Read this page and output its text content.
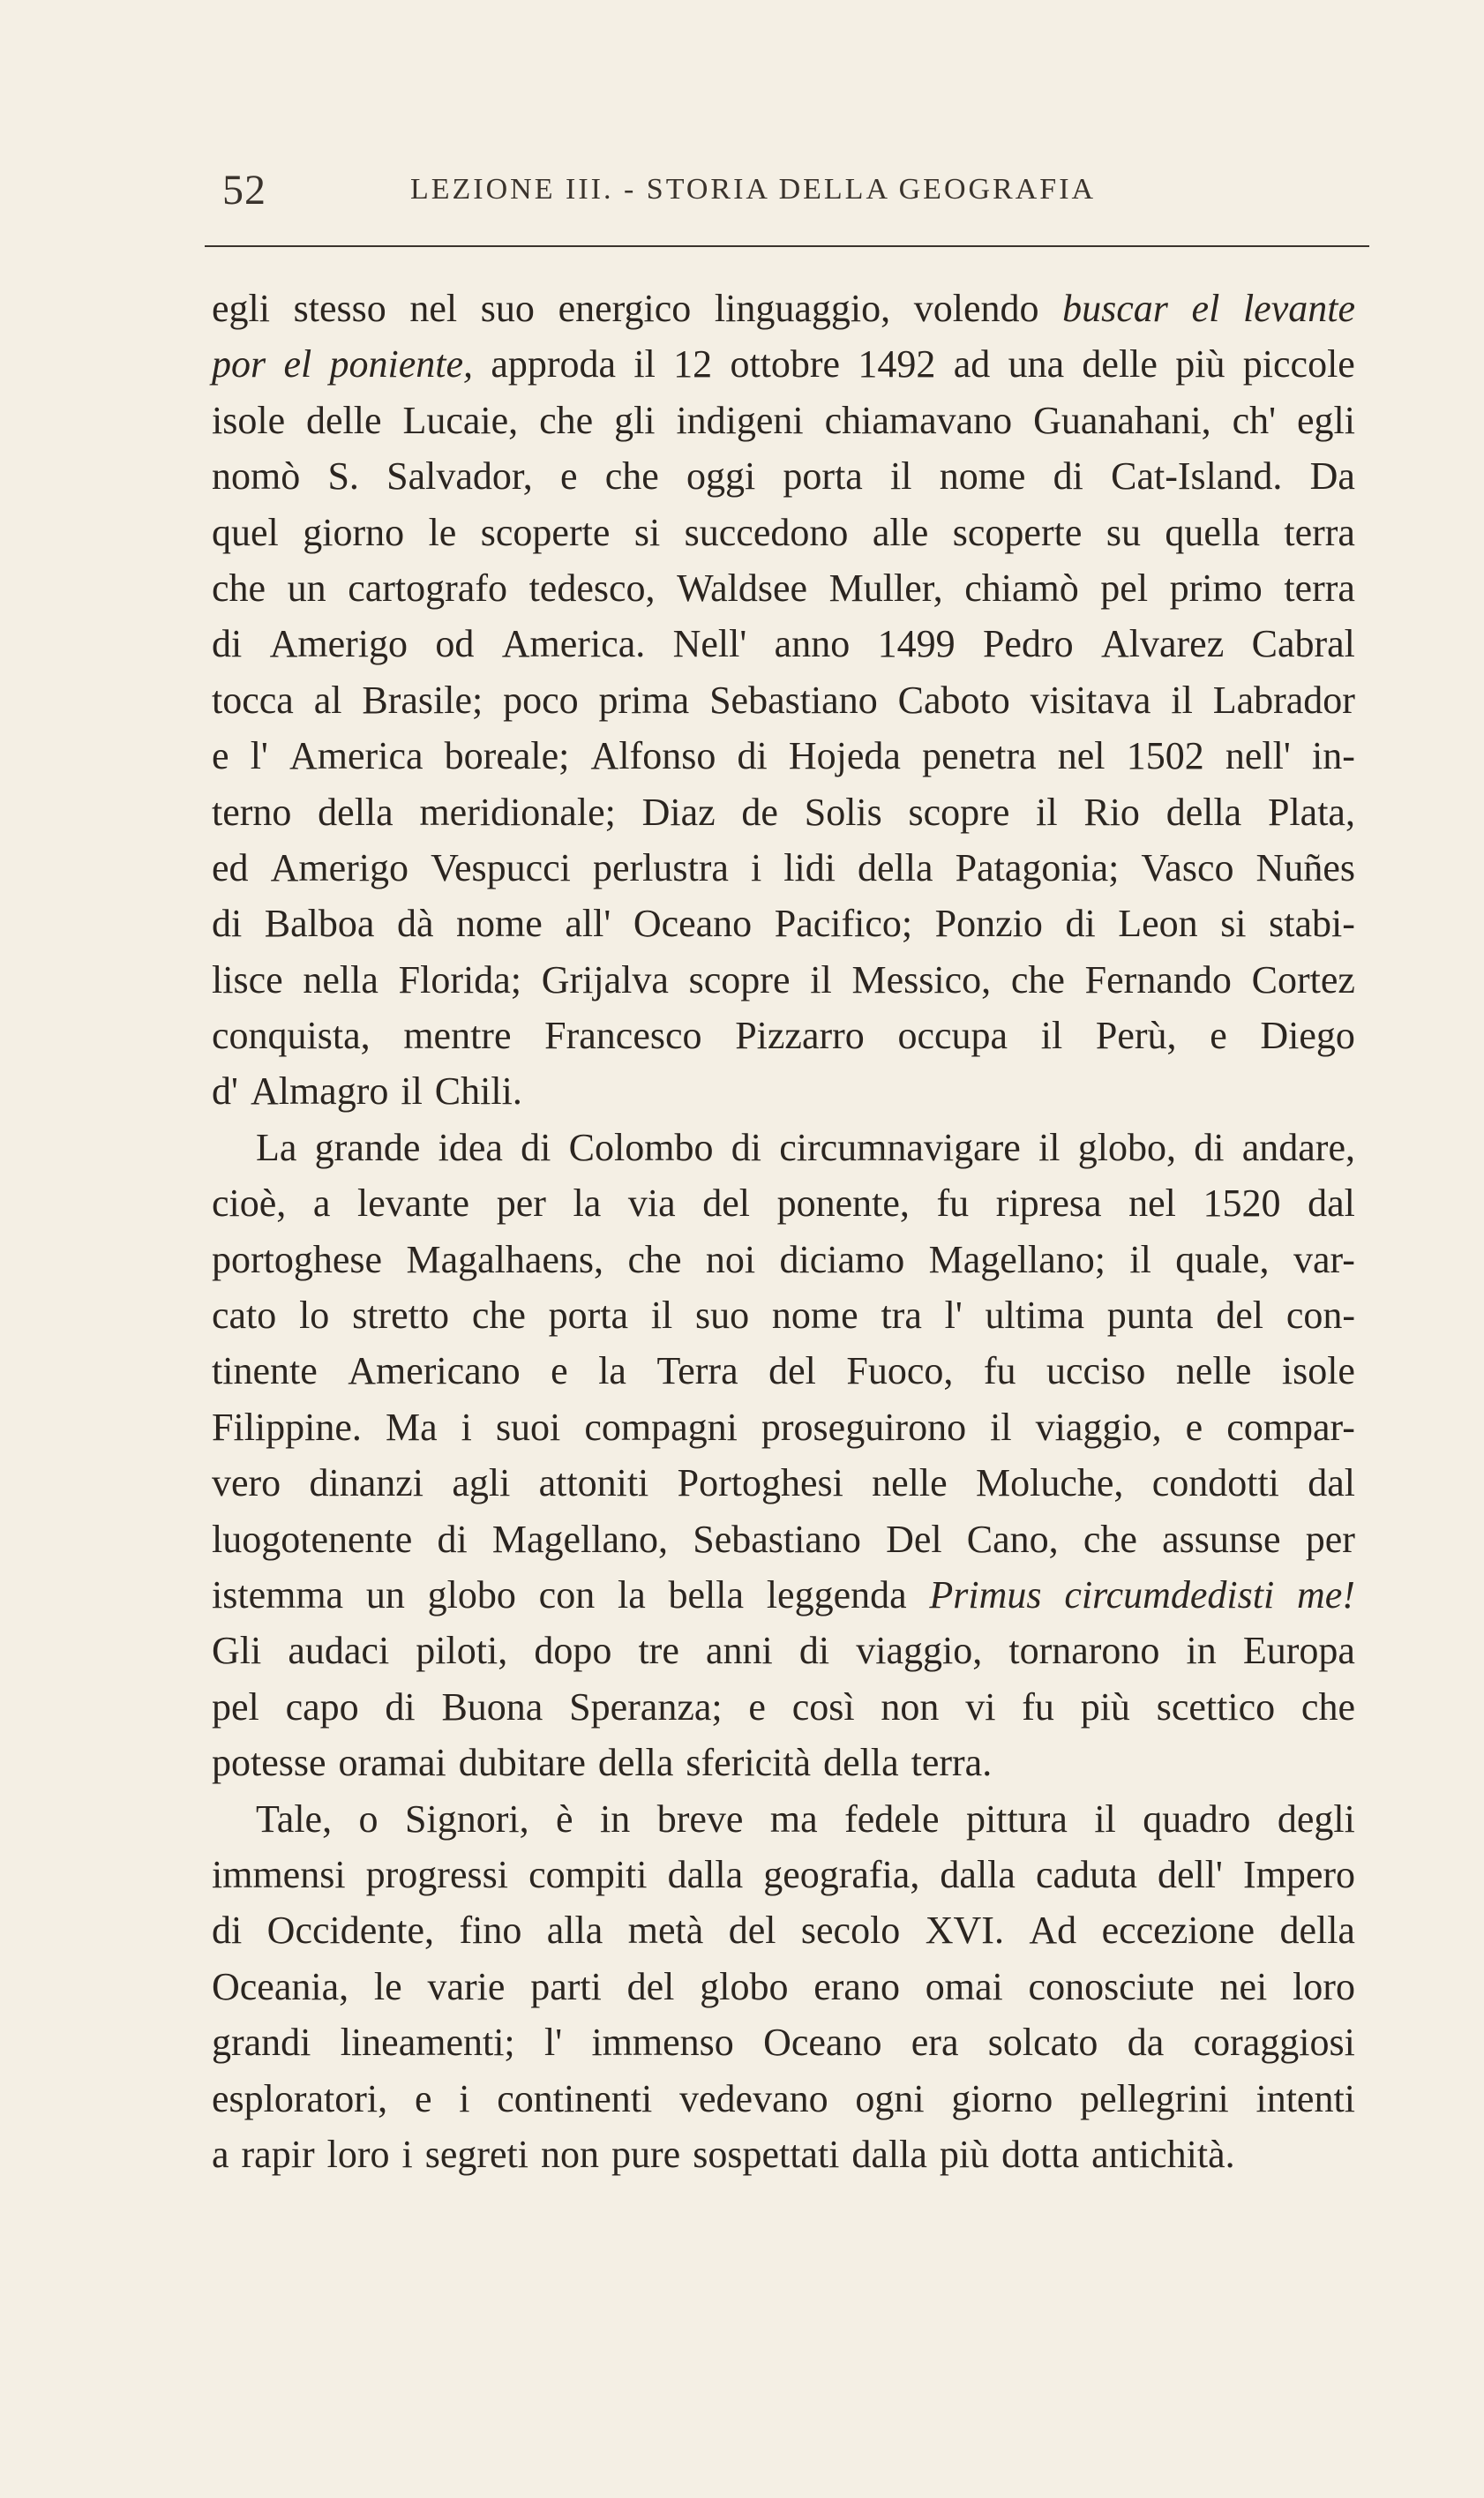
52	LEZIONE III. - STORIA DELLA GEOGRAFIA
egli stesso nel suo energico linguaggio, volendo buscar el levante
por el poniente, approda il 12 ottobre 1492 ad una delle più piccole
isole delle Lucaie, che gli indigeni chiamavano Guanahani, ch' egli
nomò S. Salvador, e che oggi porta il nome di Cat-Island. Da
quel giorno le scoperte si succedono alle scoperte su quella terra
che un cartografo tedesco, Waldsee Muller, chiamò pel primo terra
di Amerigo od America. Nell' anno 1499 Pedro Alvarez Cabral
tocca al Brasile; poco prima Sebastiano Caboto visitava il Labrador
e l' America boreale; Alfonso di Hojeda penetra nel 1502 nell' in-
terno della meridionale; Diaz de Solis scopre il Rio della Plata,
ed Amerigo Vespucci perlustra i lidi della Patagonia; Vasco Nuñes
di Balboa dà nome all' Oceano Pacifico; Ponzio di Leon si stabi-
lisce nella Florida; Grijalva scopre il Messico, che Fernando Cortez
conquista, mentre Francesco Pizzarro occupa il Perù, e Diego
d' Almagro il Chili.
La grande idea di Colombo di circumnavigare il globo, di andare,
cioè, a levante per la via del ponente, fu ripresa nel 1520 dal
portoghese Magalhaens, che noi diciamo Magellano; il quale, var-
cato lo stretto che porta il suo nome tra l' ultima punta del con-
tinente Americano e la Terra del Fuoco, fu ucciso nelle isole
Filippine. Ma i suoi compagni proseguirono il viaggio, e compar-
vero dinanzi agli attoniti Portoghesi nelle Moluche, condotti dal
luogotenente di Magellano, Sebastiano Del Cano, che assunse per
istemma un globo con la bella leggenda Primus circumdedisti me!
Gli audaci piloti, dopo tre anni di viaggio, tornarono in Europa
pel capo di Buona Speranza; e così non vi fu più scettico che
potesse oramai dubitare della sfericità della terra.
Tale, o Signori, è in breve ma fedele pittura il quadro degli
immensi progressi compiti dalla geografia, dalla caduta dell' Impero
di Occidente, fino alla metà del secolo XVI. Ad eccezione della
Oceania, le varie parti del globo erano omai conosciute nei loro
grandi lineamenti; l' immenso Oceano era solcato da coraggiosi
esploratori, e i continenti vedevano ogni giorno pellegrini intenti
a rapir loro i segreti non pure sospettati dalla più dotta antichità.
